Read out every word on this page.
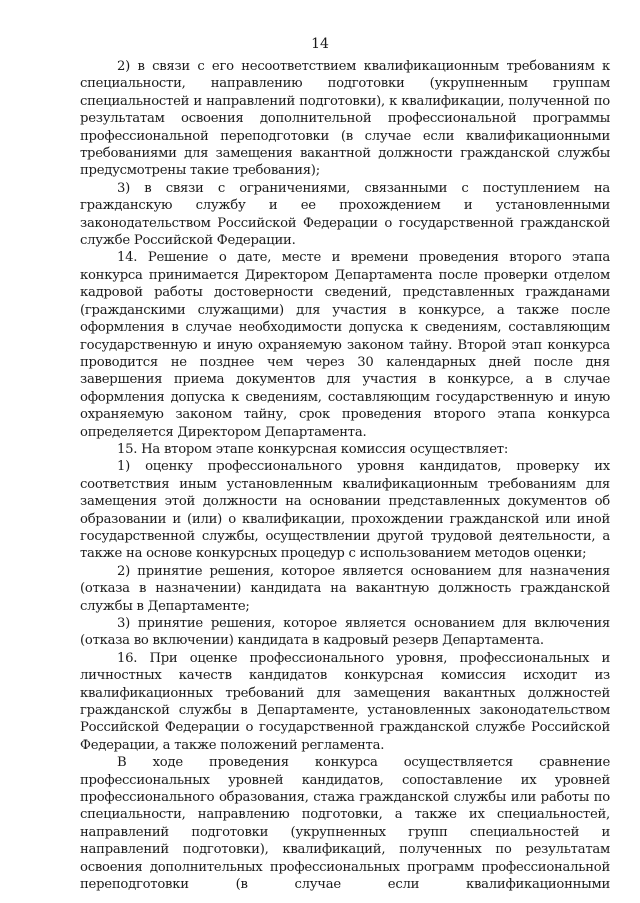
14

2) в связи с его несоответствием квалификационным требованиям к специальности, направлению подготовки (укрупненным группам специальностей и направлений подготовки), к квалификации, полученной по результатам освоения дополнительной профессиональной программы профессиональной переподготовки (в случае если квалификационными требованиями для замещения вакантной должности гражданской службы предусмотрены такие требования);

3) в связи с ограничениями, связанными с поступлением на гражданскую службу и ее прохождением и установленными законодательством Российской Федерации о государственной гражданской службе Российской Федерации.

14. Решение о дате, месте и времени проведения второго этапа конкурса принимается Директором Департамента после проверки отделом кадровой работы достоверности сведений, представленных гражданами (гражданскими служащими) для участия в конкурсе, а также после оформления в случае необходимости допуска к сведениям, составляющим государственную и иную охраняемую законом тайну. Второй этап конкурса проводится не позднее чем через 30 календарных дней после дня завершения приема документов для участия в конкурсе, а в случае оформления допуска к сведениям, составляющим государственную и иную охраняемую законом тайну, срок проведения второго этапа конкурса определяется Директором Департамента.

15. На втором этапе конкурсная комиссия осуществляет:

1) оценку профессионального уровня кандидатов, проверку их соответствия иным установленным квалификационным требованиям для замещения этой должности на основании представленных документов об образовании и (или) о квалификации, прохождении гражданской или иной государственной службы, осуществлении другой трудовой деятельности, а также на основе конкурсных процедур с использованием методов оценки;

2) принятие решения, которое является основанием для назначения (отказа в назначении) кандидата на вакантную должность гражданской службы в Департаменте;

3) принятие решения, которое является основанием для включения (отказа во включении) кандидата в кадровый резерв Департамента.

16. При оценке профессионального уровня, профессиональных и личностных качеств кандидатов конкурсная комиссия исходит из квалификационных требований для замещения вакантных должностей гражданской службы в Департаменте, установленных законодательством Российской Федерации о государственной гражданской службе Российской Федерации, а также положений регламента.

В ходе проведения конкурса осуществляется сравнение профессиональных уровней кандидатов, сопоставление их уровней профессионального образования, стажа гражданской службы или работы по специальности, направлению подготовки, а также их специальностей, направлений подготовки (укрупненных групп специальностей и направлений подготовки), квалификаций, полученных по результатам освоения дополнительных профессиональных программ профессиональной переподготовки (в случае если квалификационными
